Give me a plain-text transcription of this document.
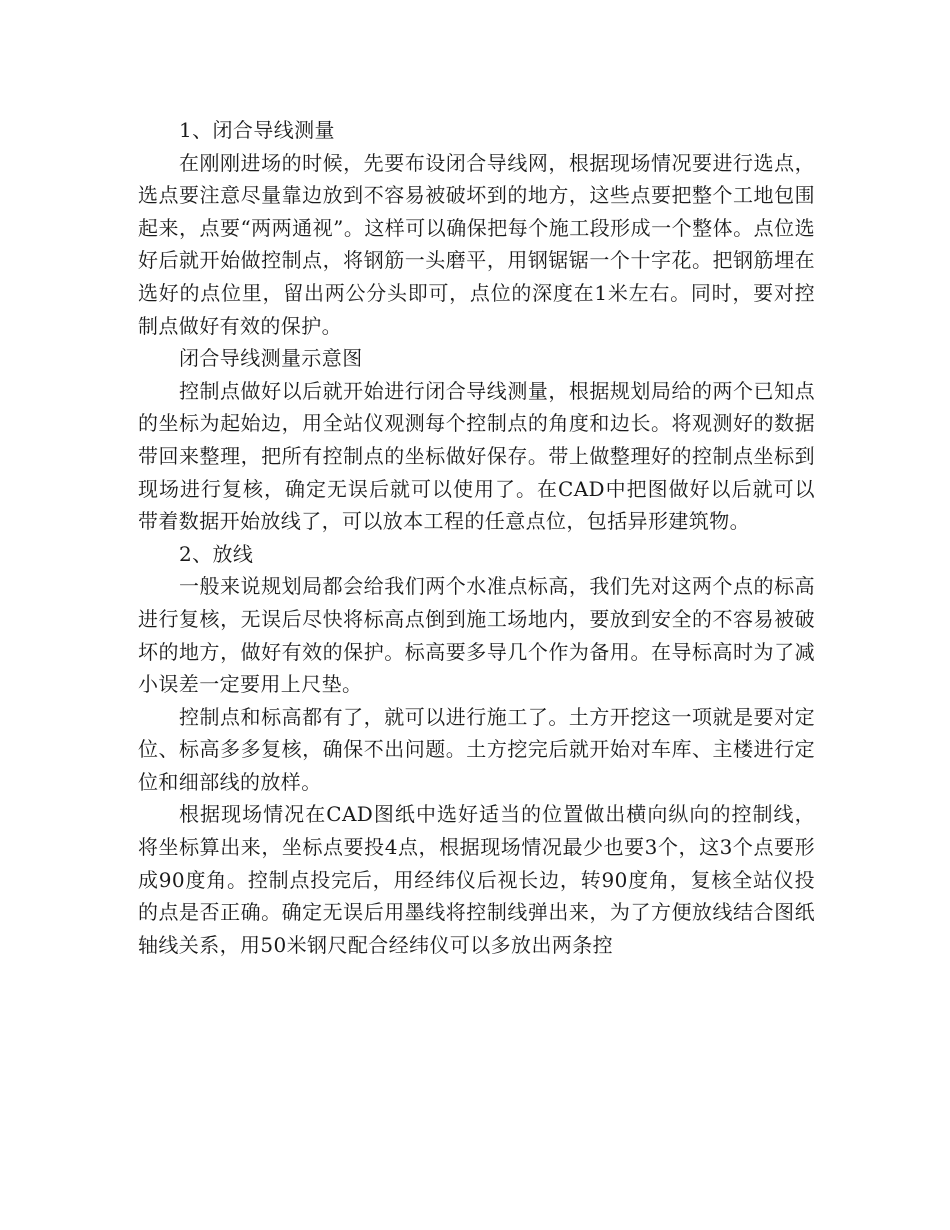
1、闭合导线测量

在刚刚进场的时候，先要布设闭合导线网，根据现场情况要进行选点，选点要注意尽量靠边放到不容易被破坏到的地方，这些点要把整个工地包围起来，点要“两两通视”。这样可以确保把每个施工段形成一个整体。点位选好后就开始做控制点，将钢筋一头磨平，用钢锯锯一个十字花。把钢筋埋在选好的点位里，留出两公分头即可，点位的深度在1米左右。同时，要对控制点做好有效的保护。

闭合导线测量示意图

控制点做好以后就开始进行闭合导线测量，根据规划局给的两个已知点的坐标为起始边，用全站仪观测每个控制点的角度和边长。将观测好的数据带回来整理，把所有控制点的坐标做好保存。带上做整理好的控制点坐标到现场进行复核，确定无误后就可以使用了。在CAD中把图做好以后就可以带着数据开始放线了，可以放本工程的任意点位，包括异形建筑物。

2、放线

一般来说规划局都会给我们两个水准点标高，我们先对这两个点的标高进行复核，无误后尽快将标高点倒到施工场地内，要放到安全的不容易被破坏的地方，做好有效的保护。标高要多导几个作为备用。在导标高时为了减小误差一定要用上尺垫。

控制点和标高都有了，就可以进行施工了。土方开挖这一项就是要对定位、标高多多复核，确保不出问题。土方挖完后就开始对车库、主楼进行定位和细部线的放样。

根据现场情况在CAD图纸中选好适当的位置做出横向纵向的控制线，将坐标算出来，坐标点要投4点，根据现场情况最少也要3个，这3个点要形成90度角。控制点投完后，用经纬仪后视长边，转90度角，复核全站仪投的点是否正确。确定无误后用墨线将控制线弹出来，为了方便放线结合图纸轴线关系，用50米钢尺配合经纬仪可以多放出两条控
